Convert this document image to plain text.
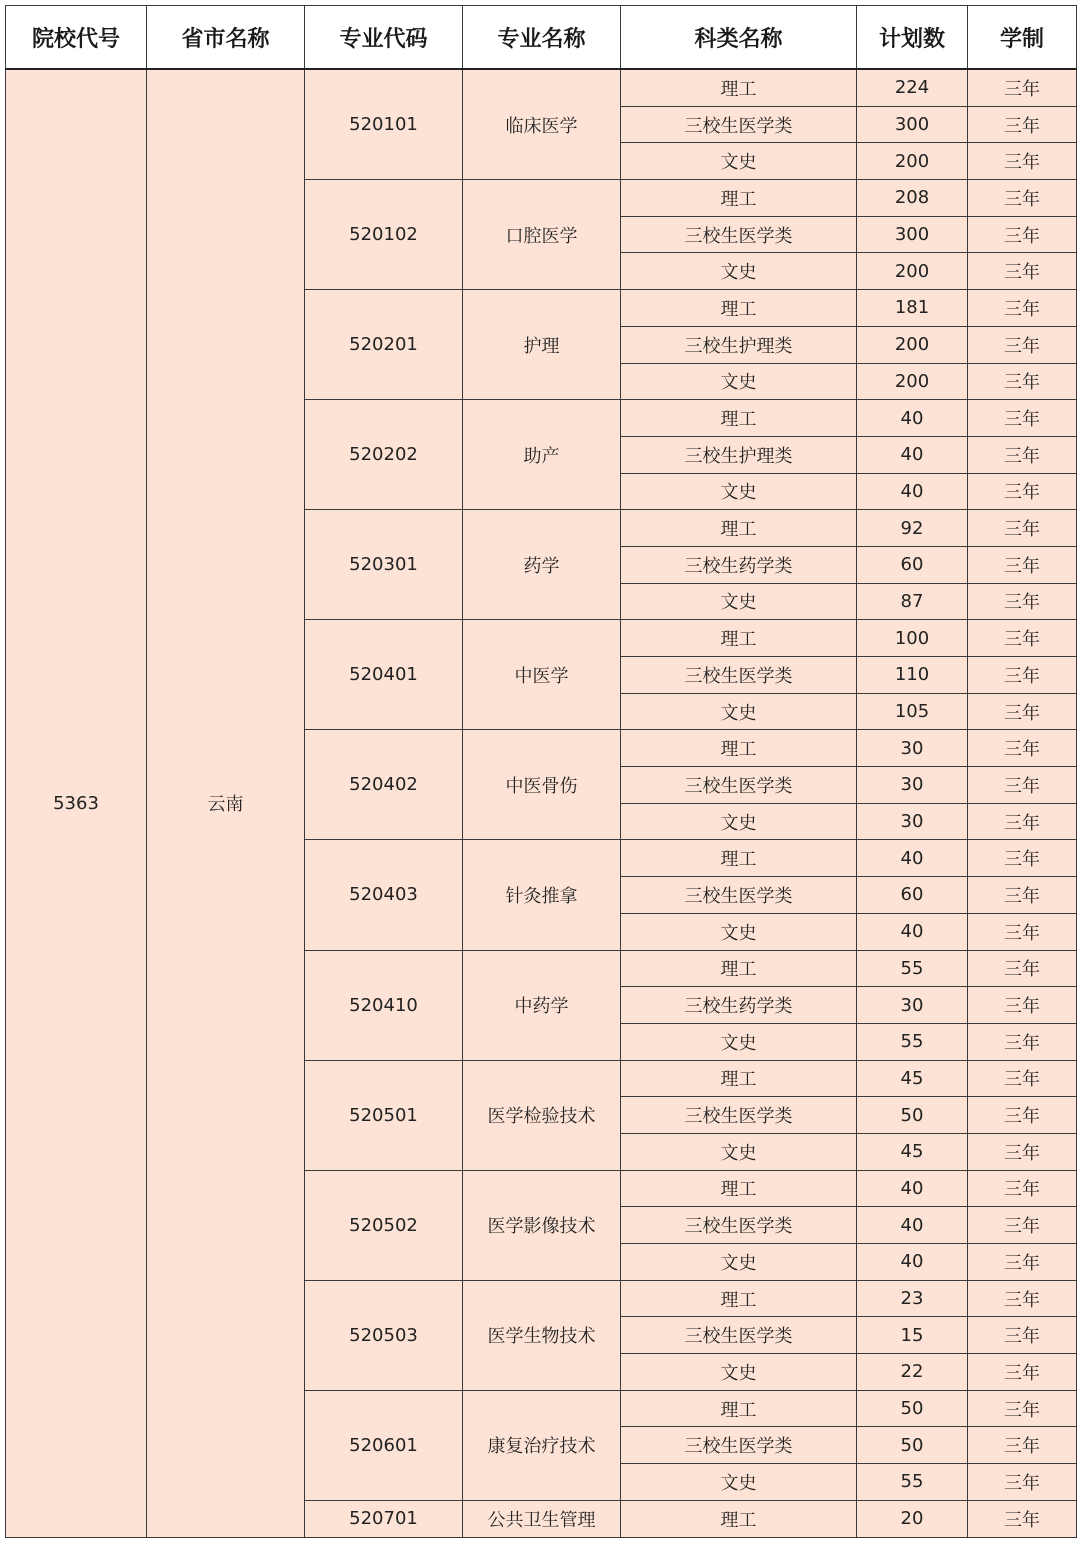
院校代号	省市名称	专业代码	专业名称	科类名称	计划数	学制
5363	云南	520101	临床医学	理工	224	三年
				三校生医学类	300	三年
				文史	200	三年
		520102	口腔医学	理工	208	三年
				三校生医学类	300	三年
				文史	200	三年
		520201	护理	理工	181	三年
				三校生护理类	200	三年
				文史	200	三年
		520202	助产	理工	40	三年
				三校生护理类	40	三年
				文史	40	三年
		520301	药学	理工	92	三年
				三校生药学类	60	三年
				文史	87	三年
		520401	中医学	理工	100	三年
				三校生医学类	110	三年
				文史	105	三年
		520402	中医骨伤	理工	30	三年
				三校生医学类	30	三年
				文史	30	三年
		520403	针灸推拿	理工	40	三年
				三校生医学类	60	三年
				文史	40	三年
		520410	中药学	理工	55	三年
				三校生药学类	30	三年
				文史	55	三年
		520501	医学检验技术	理工	45	三年
				三校生医学类	50	三年
				文史	45	三年
		520502	医学影像技术	理工	40	三年
				三校生医学类	40	三年
				文史	40	三年
		520503	医学生物技术	理工	23	三年
				三校生医学类	15	三年
				文史	22	三年
		520601	康复治疗技术	理工	50	三年
				三校生医学类	50	三年
				文史	55	三年
		520701	公共卫生管理	理工	20	三年
